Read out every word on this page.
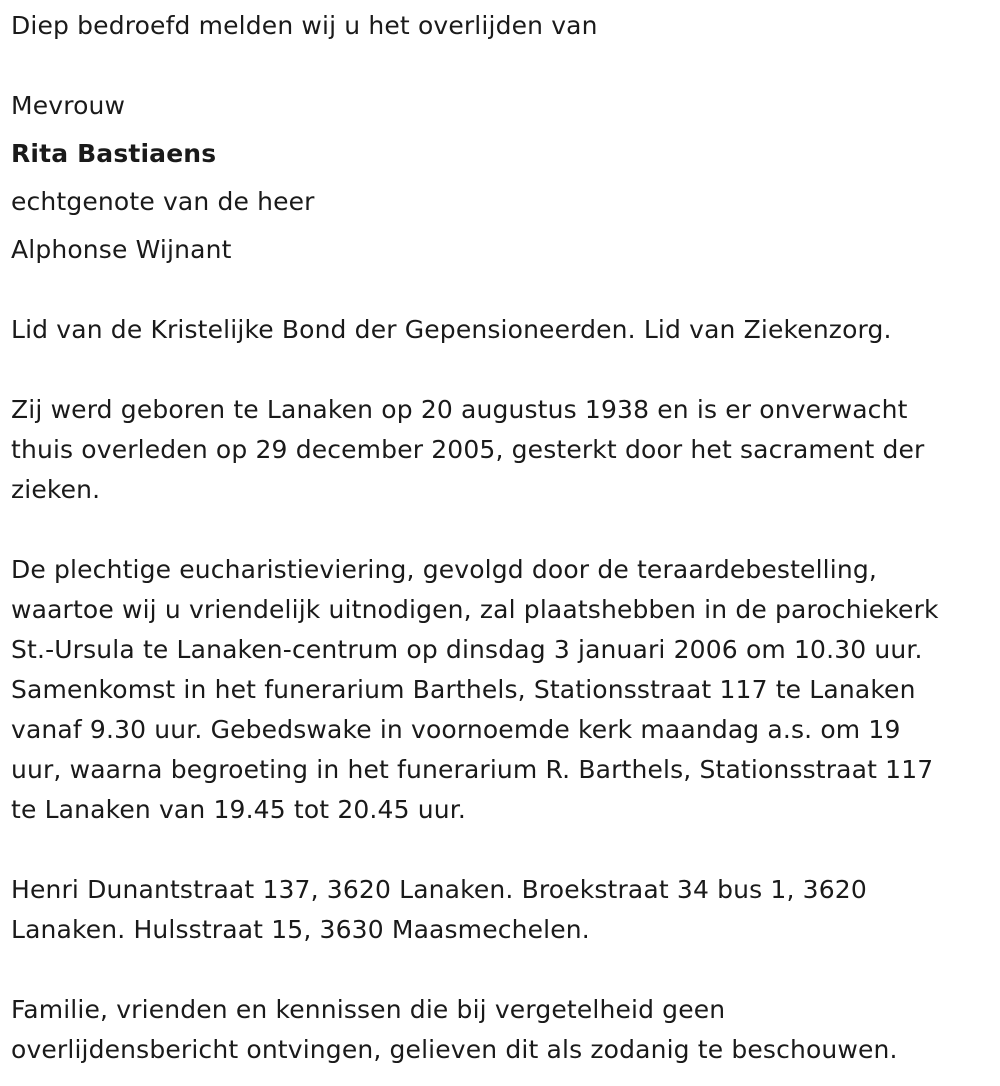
Diep bedroefd melden wij u het overlijden van
Mevrouw
Rita Bastiaens
echtgenote van de heer
Alphonse Wijnant
Lid van de Kristelijke Bond der Gepensioneerden. Lid van Ziekenzorg.
Zij werd geboren te Lanaken op 20 augustus 1938 en is er onverwacht
thuis overleden op 29 december 2005, gesterkt door het sacrament der
zieken.
De plechtige eucharistieviering, gevolgd door de teraardebestelling,
waartoe wij u vriendelijk uitnodigen, zal plaatshebben in de parochiekerk
St.-Ursula te Lanaken-centrum op dinsdag 3 januari 2006 om 10.30 uur.
Samenkomst in het funerarium Barthels, Stationsstraat 117 te Lanaken
vanaf 9.30 uur. Gebedswake in voornoemde kerk maandag a.s. om 19
uur, waarna begroeting in het funerarium R. Barthels, Stationsstraat 117
te Lanaken van 19.45 tot 20.45 uur.
Henri Dunantstraat 137, 3620 Lanaken. Broekstraat 34 bus 1, 3620
Lanaken. Hulsstraat 15, 3630 Maasmechelen.
Familie, vrienden en kennissen die bij vergetelheid geen
overlijdensbericht ontvingen, gelieven dit als zodanig te beschouwen.
